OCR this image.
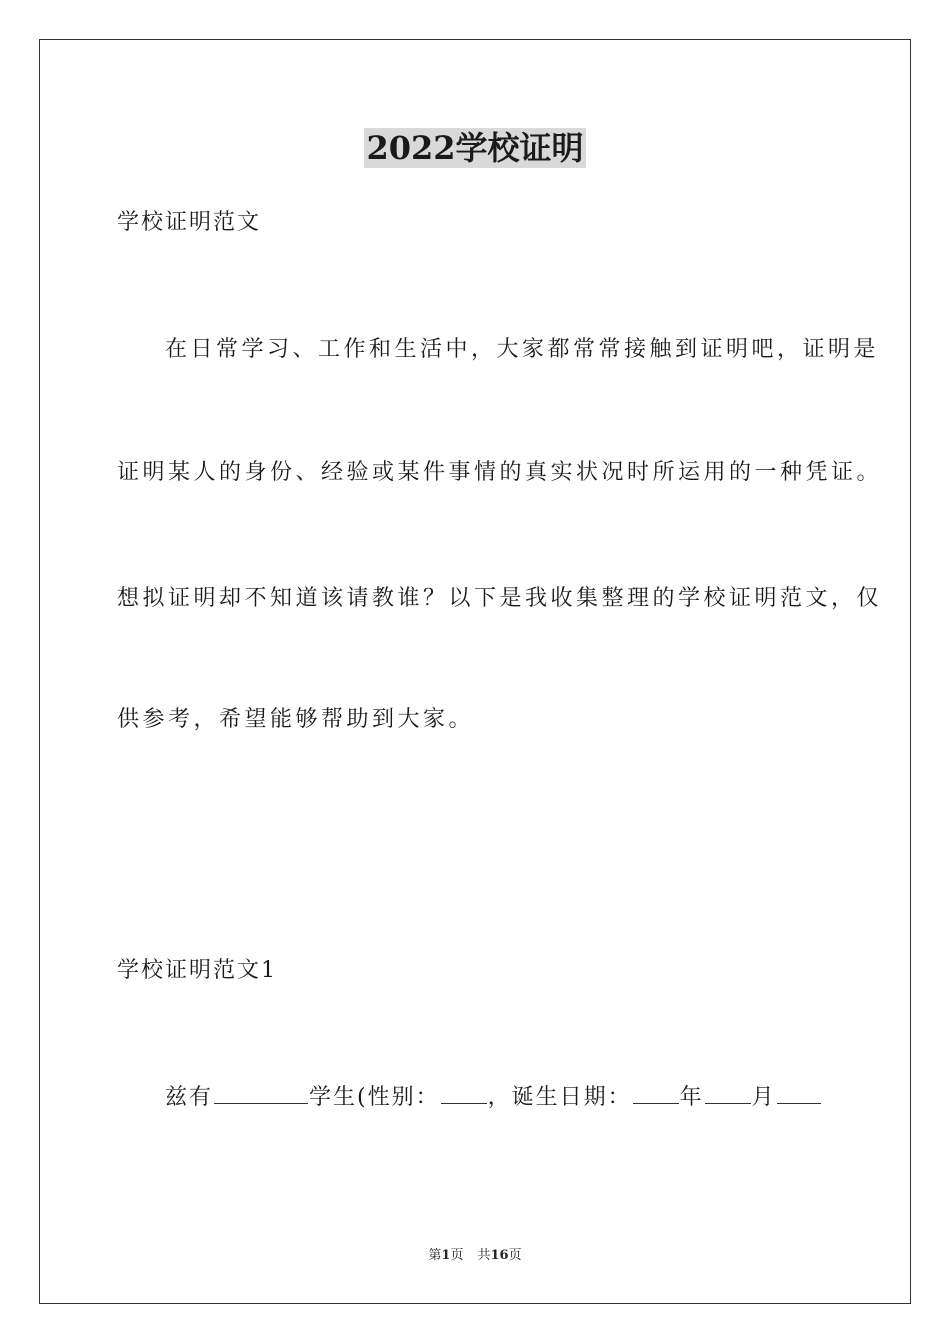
2022学校证明
学校证明范文
在日常学习、工作和生活中，大家都常常接触到证明吧，证明是
证明某人的身份、经验或某件事情的真实状况时所运用的一种凭证。
想拟证明却不知道该请教谁？以下是我收集整理的学校证明范文，仅
供参考，希望能够帮助到大家。
学校证明范文1
兹有	学生(性别： ，诞生日期： 年 月
第1页 共16页
